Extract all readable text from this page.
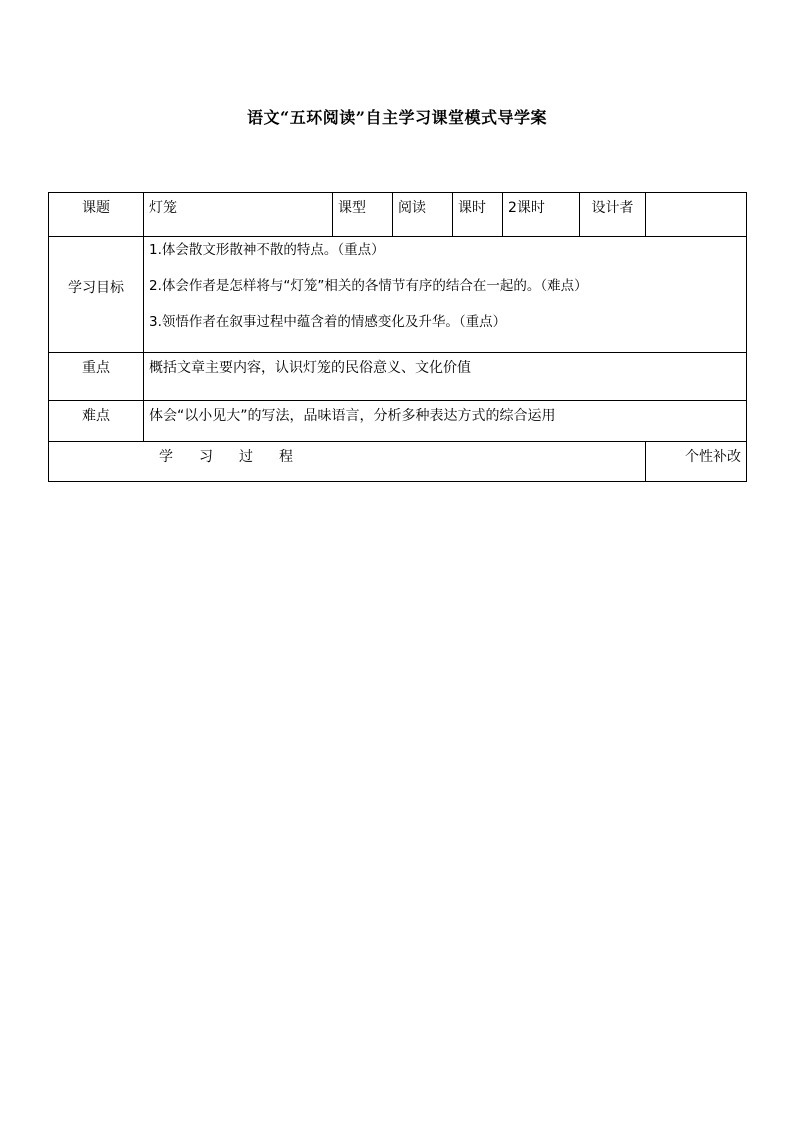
语文“五环阅读”自主学习课堂模式导学案
课题	灯笼	课型	阅读	课时	2课时	设计者	
学习目标	1.体会散文形散神不散的特点。（重点）
2.体会作者是怎样将与“灯笼”相关的各情节有序的结合在一起的。（难点）
3.领悟作者在叙事过程中蕴含着的情感变化及升华。（重点）						

重点	概括文章主要内容，认识灯笼的民俗意义、文化价值						
难点	体会“以小见大”的写法，品味语言，分析多种表达方式的综合运用						
学 习 过 程							个性补改
